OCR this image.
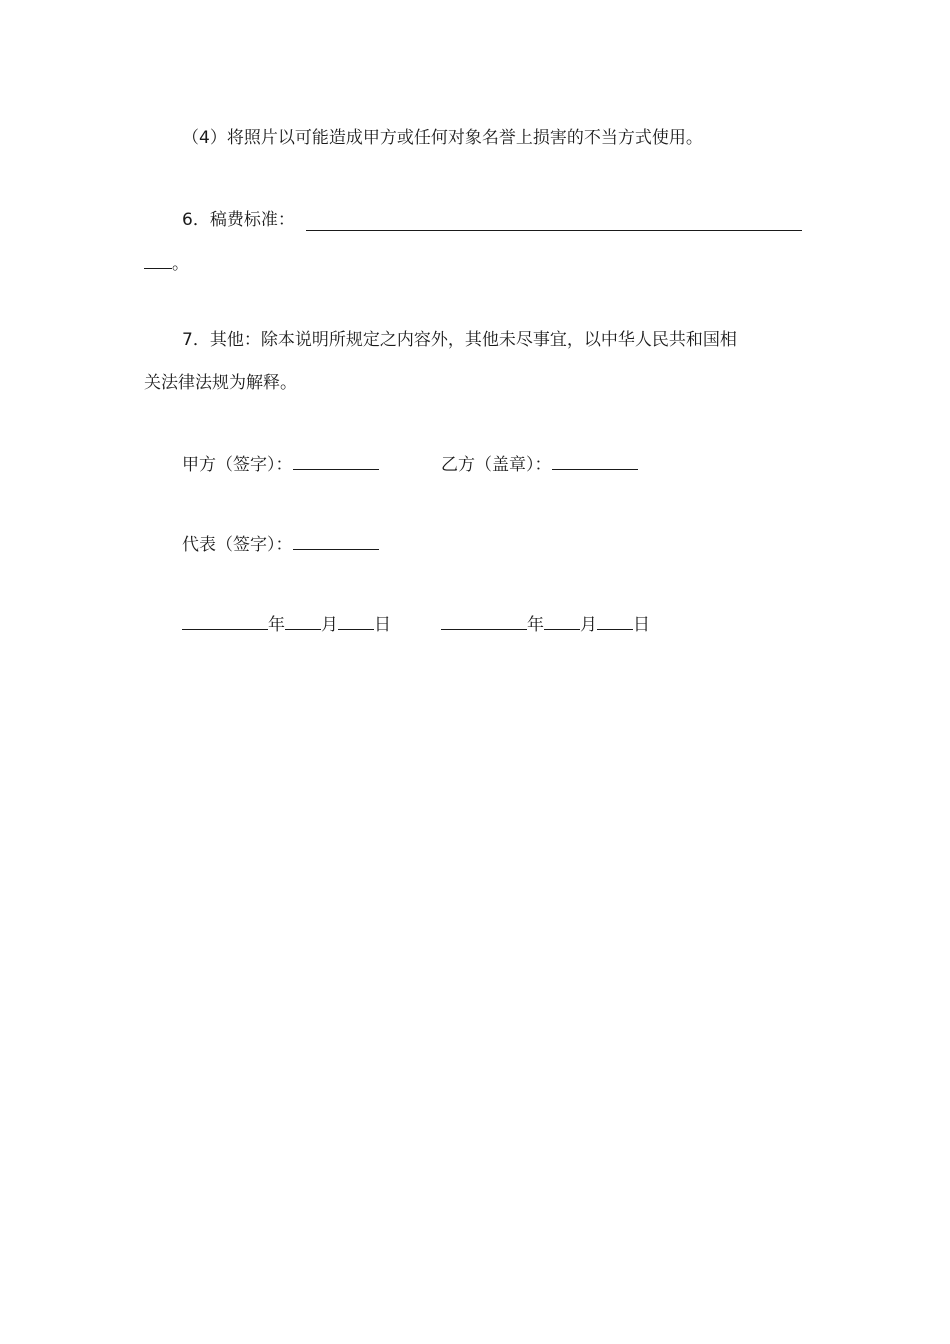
（4）将照片以可能造成甲方或任何对象名誉上损害的不当方式使用。
6．稿费标准：
。
7．其他：除本说明所规定之内容外，其他未尽事宜，以中华人民共和国相
关法律法规为解释。
甲方（签字）：	乙方（盖章）：
代表（签字）：
年 月 日	年 月 日
